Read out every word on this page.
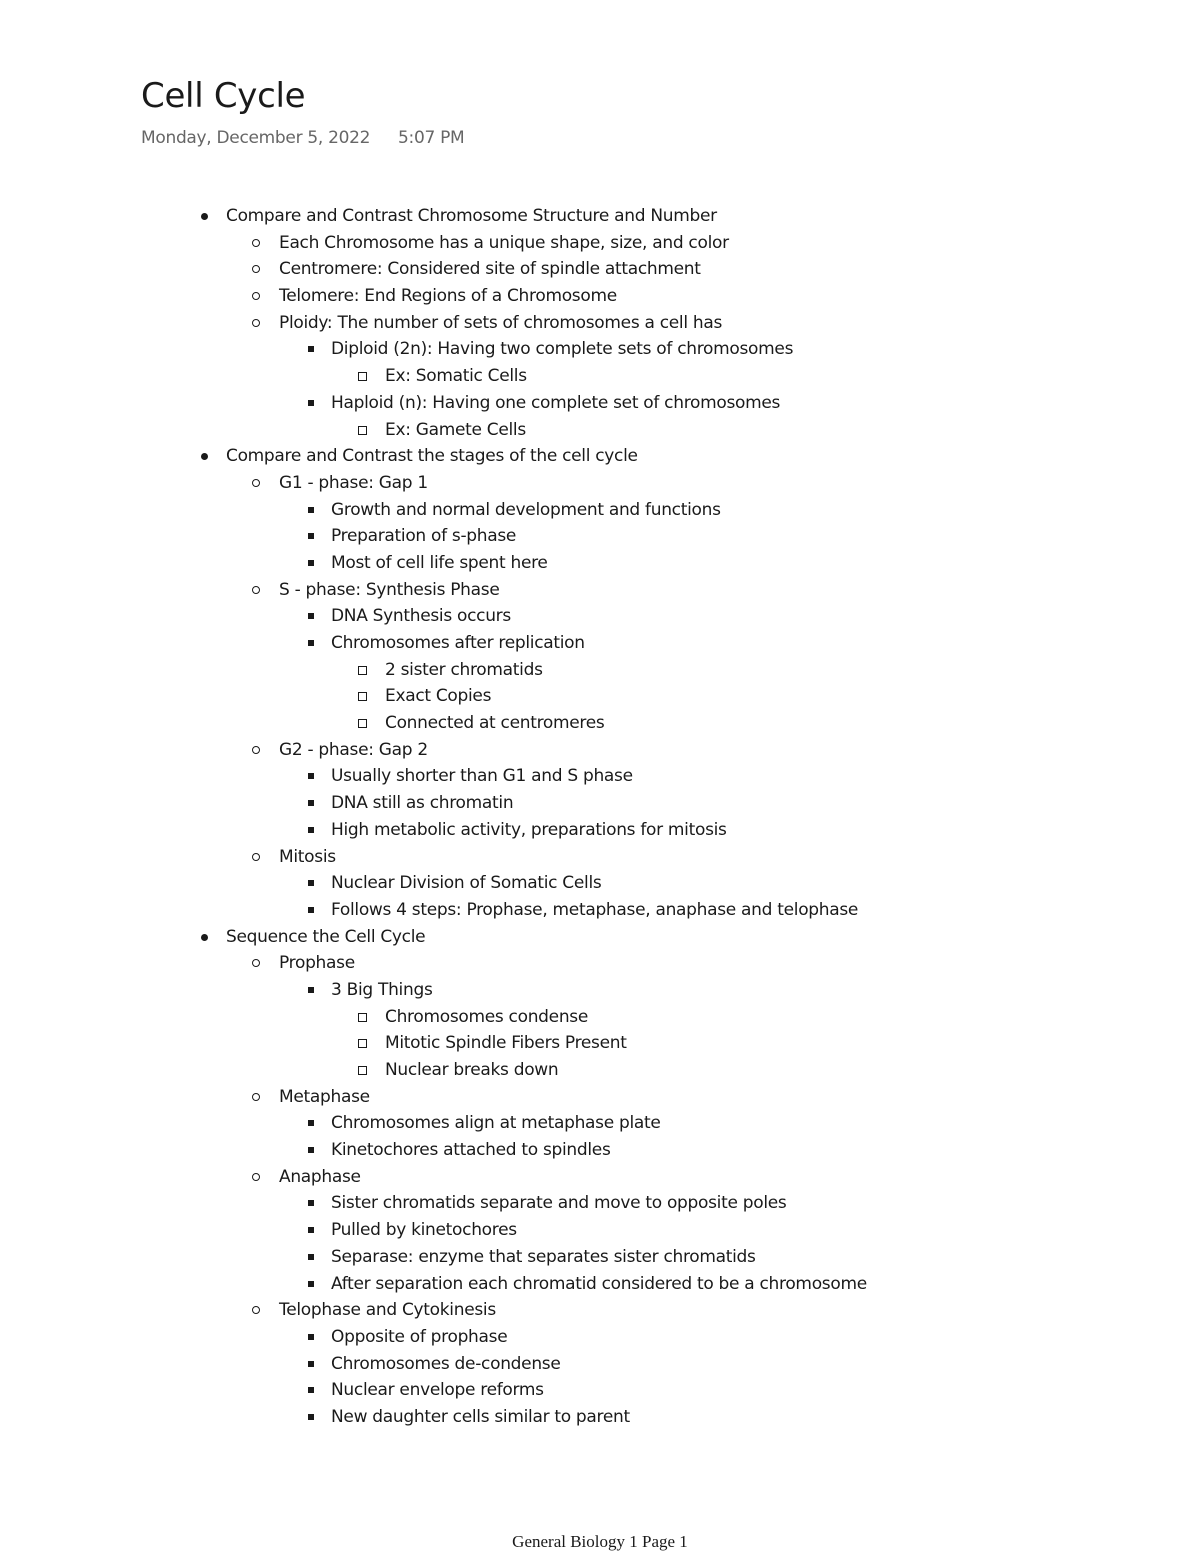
Cell Cycle
Monday, December 5, 2022 5:07 PM
Compare and Contrast Chromosome Structure and Number
Each Chromosome has a unique shape, size, and color
Centromere: Considered site of spindle attachment
Telomere: End Regions of a Chromosome
Ploidy: The number of sets of chromosomes a cell has
Diploid (2n): Having two complete sets of chromosomes
Ex: Somatic Cells
Haploid (n): Having one complete set of chromosomes
Ex: Gamete Cells
Compare and Contrast the stages of the cell cycle
G1 - phase: Gap 1
Growth and normal development and functions
Preparation of s-phase
Most of cell life spent here
S - phase: Synthesis Phase
DNA Synthesis occurs
Chromosomes after replication
2 sister chromatids
Exact Copies
Connected at centromeres
G2 - phase: Gap 2
Usually shorter than G1 and S phase
DNA still as chromatin
High metabolic activity, preparations for mitosis
Mitosis
Nuclear Division of Somatic Cells
Follows 4 steps: Prophase, metaphase, anaphase and telophase
Sequence the Cell Cycle
Prophase
3 Big Things
Chromosomes condense
Mitotic Spindle Fibers Present
Nuclear breaks down
Metaphase
Chromosomes align at metaphase plate
Kinetochores attached to spindles
Anaphase
Sister chromatids separate and move to opposite poles
Pulled by kinetochores
Separase: enzyme that separates sister chromatids
After separation each chromatid considered to be a chromosome
Telophase and Cytokinesis
Opposite of prophase
Chromosomes de-condense
Nuclear envelope reforms
New daughter cells similar to parent
General Biology 1 Page 1
